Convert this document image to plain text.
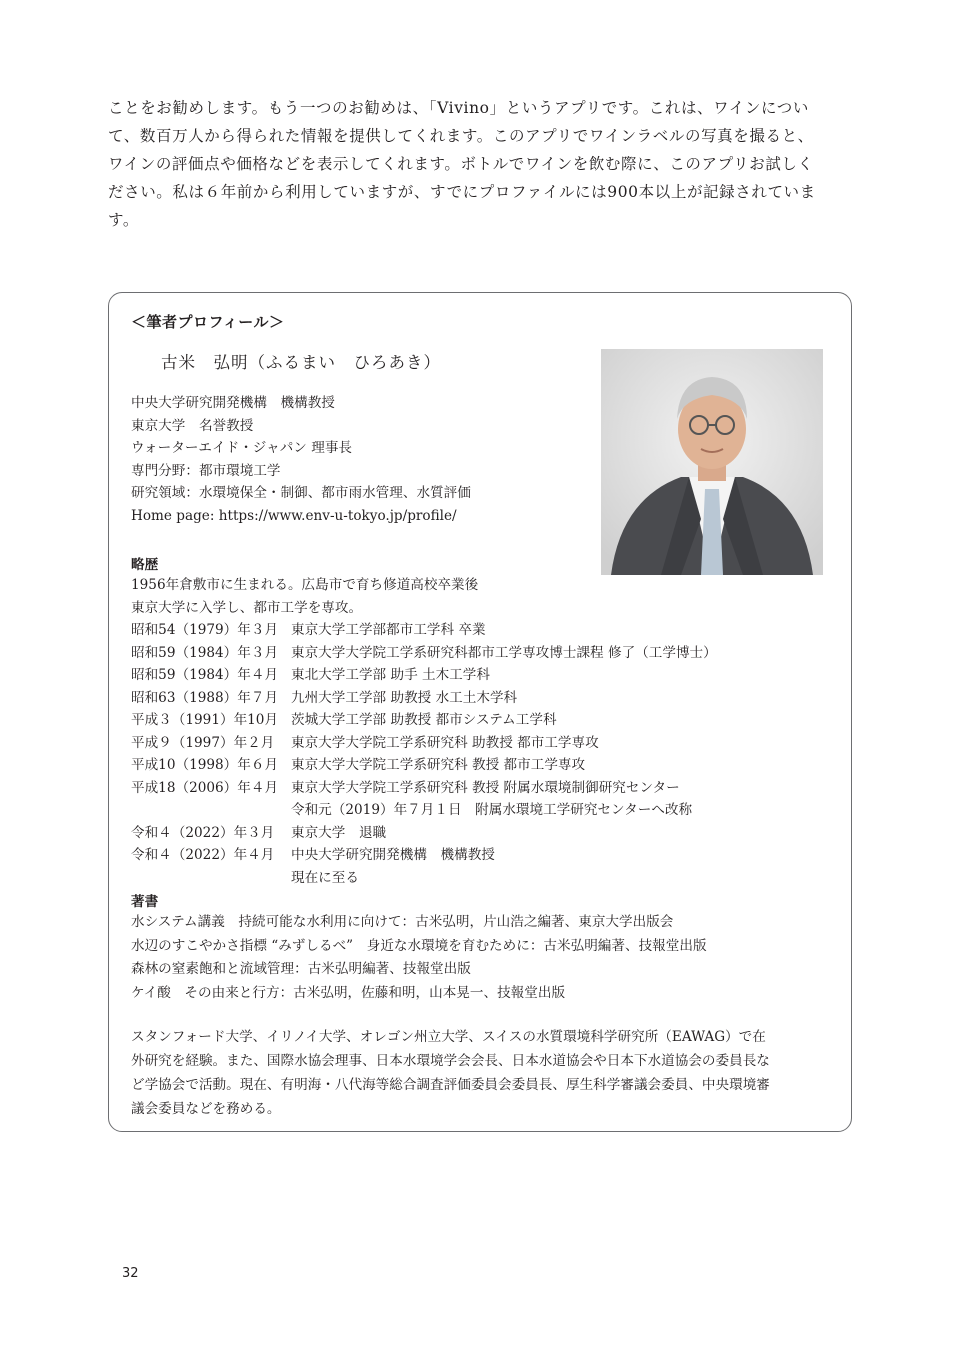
ことをお勧めします。もう一つのお勧めは、「Vivino」というアプリです。これは、ワインについ

て、数百万人から得られた情報を提供してくれます。このアプリでワインラベルの写真を撮ると、

ワインの評価点や価格などを表示してくれます。ボトルでワインを飲む際に、このアプリお試しく

ださい。私は６年前から利用していますが、すでにプロファイルには900本以上が記録されていま

す。

＜筆者プロフィール＞
古米　弘明（ふるまい　ひろあき）
中央大学研究開発機構　機構教授
東京大学　名誉教授
ウォーターエイド・ジャパン 理事長
専門分野：都市環境工学
研究領域：水環境保全・制御、都市雨水管理、水質評価
Home page: https://www.env-u-tokyo.jp/profile/
略歴
1956年倉敷市に生まれる。広島市で育ち修道高校卒業後
東京大学に入学し、都市工学を専攻。
昭和54（1979）年３月 東京大学工学部都市工学科 卒業
昭和59（1984）年３月 東京大学大学院工学系研究科都市工学専攻博士課程 修了（工学博士）
昭和59（1984）年４月 東北大学工学部 助手 土木工学科
昭和63（1988）年７月 九州大学工学部 助教授 水工土木学科
平成３（1991）年10月 茨城大学工学部 助教授 都市システム工学科
平成９（1997）年２月	東京大学大学院工学系研究科 助教授 都市工学専攻
平成10（1998）年６月 東京大学大学院工学系研究科 教授 都市工学専攻
平成18（2006）年４月 東京大学大学院工学系研究科 教授 附属水環境制御研究センター
令和元（2019）年７月１日　附属水環境工学研究センターへ改称
令和４（2022）年３月	東京大学　退職
令和４（2022）年４月	中央大学研究開発機構　機構教授
現在に至る
著書
水システム講義　持続可能な水利用に向けて：古米弘明，片山浩之編著、東京大学出版会
水辺のすこやかさ指標 “みずしるべ”　身近な水環境を育むために：古米弘明編著、技報堂出版
森林の窒素飽和と流域管理：古米弘明編著、技報堂出版
ケイ酸　その由来と行方：古米弘明，佐藤和明，山本晃一、技報堂出版

スタンフォード大学、イリノイ大学、オレゴン州立大学、スイスの水質環境科学研究所（EAWAG）で在

外研究を経験。また、国際水協会理事、日本水環境学会会長、日本水道協会や日本下水道協会の委員長な

ど学協会で活動。現在、有明海・八代海等総合調査評価委員会委員長、厚生科学審議会委員、中央環境審

議会委員などを務める。

32
